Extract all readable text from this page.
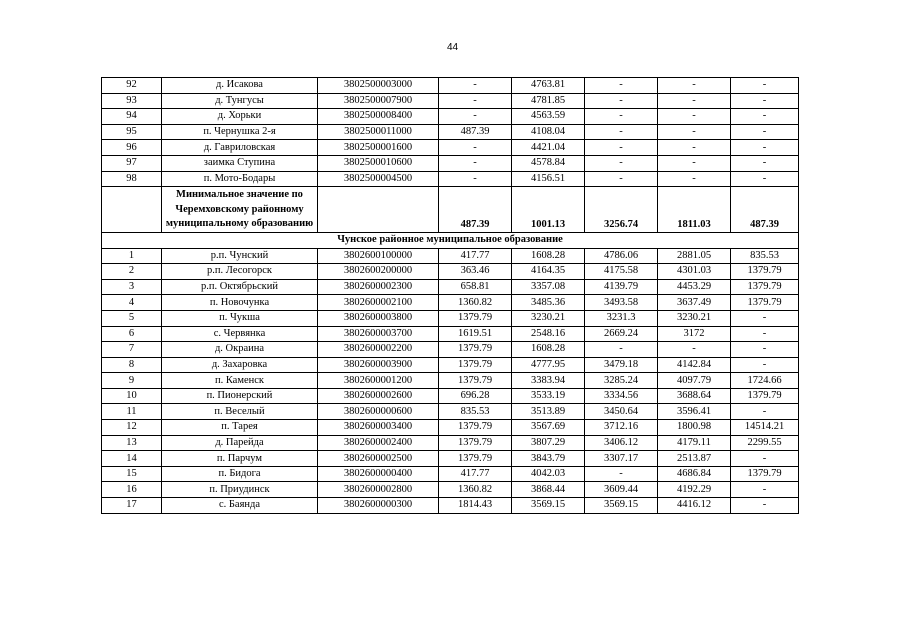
44
92	д. Исакова	3802500003000	-	4763.81	-	-	-
93	д. Тунгусы	3802500007900	-	4781.85	-	-	-
94	д. Хорьки	3802500008400	-	4563.59	-	-	-
95	п. Чернушка 2-я	3802500011000	487.39	4108.04	-	-	-
96	д. Гавриловская	3802500001600	-	4421.04	-	-	-
97	заимка Ступина	3802500010600	-	4578.84	-	-	-
98	п. Мото-Бодары	3802500004500	-	4156.51	-	-	-
	Минимальное значение по Черемховскому районному муниципальному образованию		487.39	1001.13	3256.74	1811.03	487.39
Чунское районное муниципальное образование							
1	р.п. Чунский	3802600100000	417.77	1608.28	4786.06	2881.05	835.53
2	р.п. Лесогорск	3802600200000	363.46	4164.35	4175.58	4301.03	1379.79
3	р.п. Октябрьский	3802600002300	658.81	3357.08	4139.79	4453.29	1379.79
4	п. Новочунка	3802600002100	1360.82	3485.36	3493.58	3637.49	1379.79
5	п. Чукша	3802600003800	1379.79	3230.21	3231.3	3230.21	-
6	с. Червянка	3802600003700	1619.51	2548.16	2669.24	3172	-
7	д. Окраина	3802600002200	1379.79	1608.28	-	-	-
8	д. Захаровка	3802600003900	1379.79	4777.95	3479.18	4142.84	-
9	п. Каменск	3802600001200	1379.79	3383.94	3285.24	4097.79	1724.66
10	п. Пионерский	3802600002600	696.28	3533.19	3334.56	3688.64	1379.79
11	п. Веселый	3802600000600	835.53	3513.89	3450.64	3596.41	-
12	п. Тарея	3802600003400	1379.79	3567.69	3712.16	1800.98	14514.21
13	д. Парейда	3802600002400	1379.79	3807.29	3406.12	4179.11	2299.55
14	п. Парчум	3802600002500	1379.79	3843.79	3307.17	2513.87	-
15	п. Бидога	3802600000400	417.77	4042.03	-	4686.84	1379.79
16	п. Приудинск	3802600002800	1360.82	3868.44	3609.44	4192.29	-
17	с. Баянда	3802600000300	1814.43	3569.15	3569.15	4416.12	-
